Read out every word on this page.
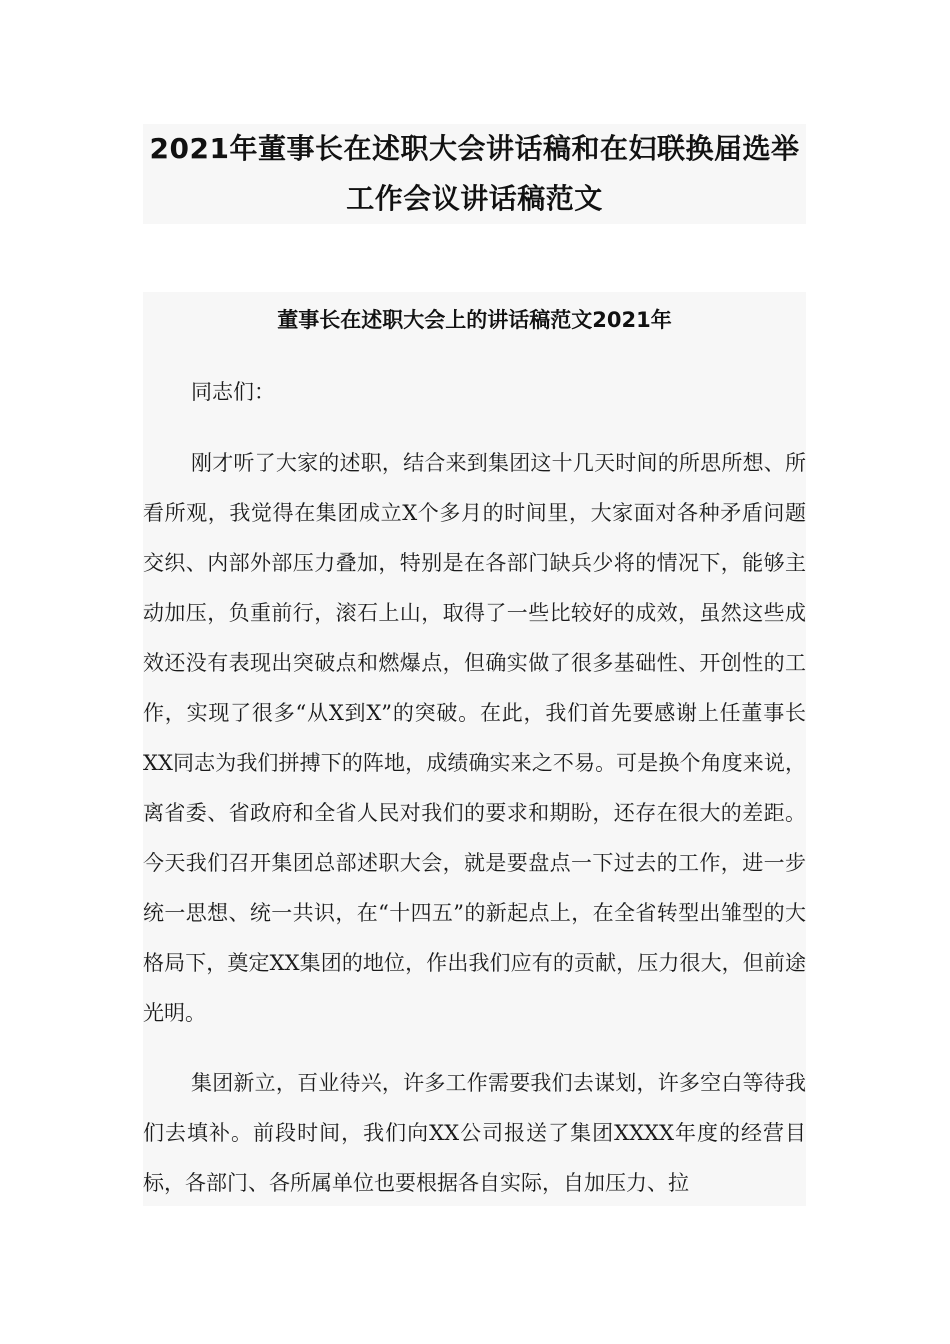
2021年董事长在述职大会讲话稿和在妇联换届选举
工作会议讲话稿范文
董事长在述职大会上的讲话稿范文2021年

同志们：

刚才听了大家的述职，结合来到集团这十几天时间的所思所想、所看所观，我觉得在集团成立X个多月的时间里，大家面对各种矛盾问题交织、内部外部压力叠加，特别是在各部门缺兵少将的情况下，能够主动加压，负重前行，滚石上山，取得了一些比较好的成效，虽然这些成效还没有表现出突破点和燃爆点，但确实做了很多基础性、开创性的工作，实现了很多“从X到X”的突破。在此，我们首先要感谢上任董事长XX同志为我们拼搏下的阵地，成绩确实来之不易。可是换个角度来说，离省委、省政府和全省人民对我们的要求和期盼，还存在很大的差距。今天我们召开集团总部述职大会，就是要盘点一下过去的工作，进一步统一思想、统一共识，在“十四五”的新起点上，在全省转型出雏型的大格局下，奠定XX集团的地位，作出我们应有的贡献，压力很大，但前途光明。

集团新立，百业待兴，许多工作需要我们去谋划，许多空白等待我们去填补。前段时间，我们向XX公司报送了集团XXXX年度的经营目标，各部门、各所属单位也要根据各自实际，自加压力、拉
